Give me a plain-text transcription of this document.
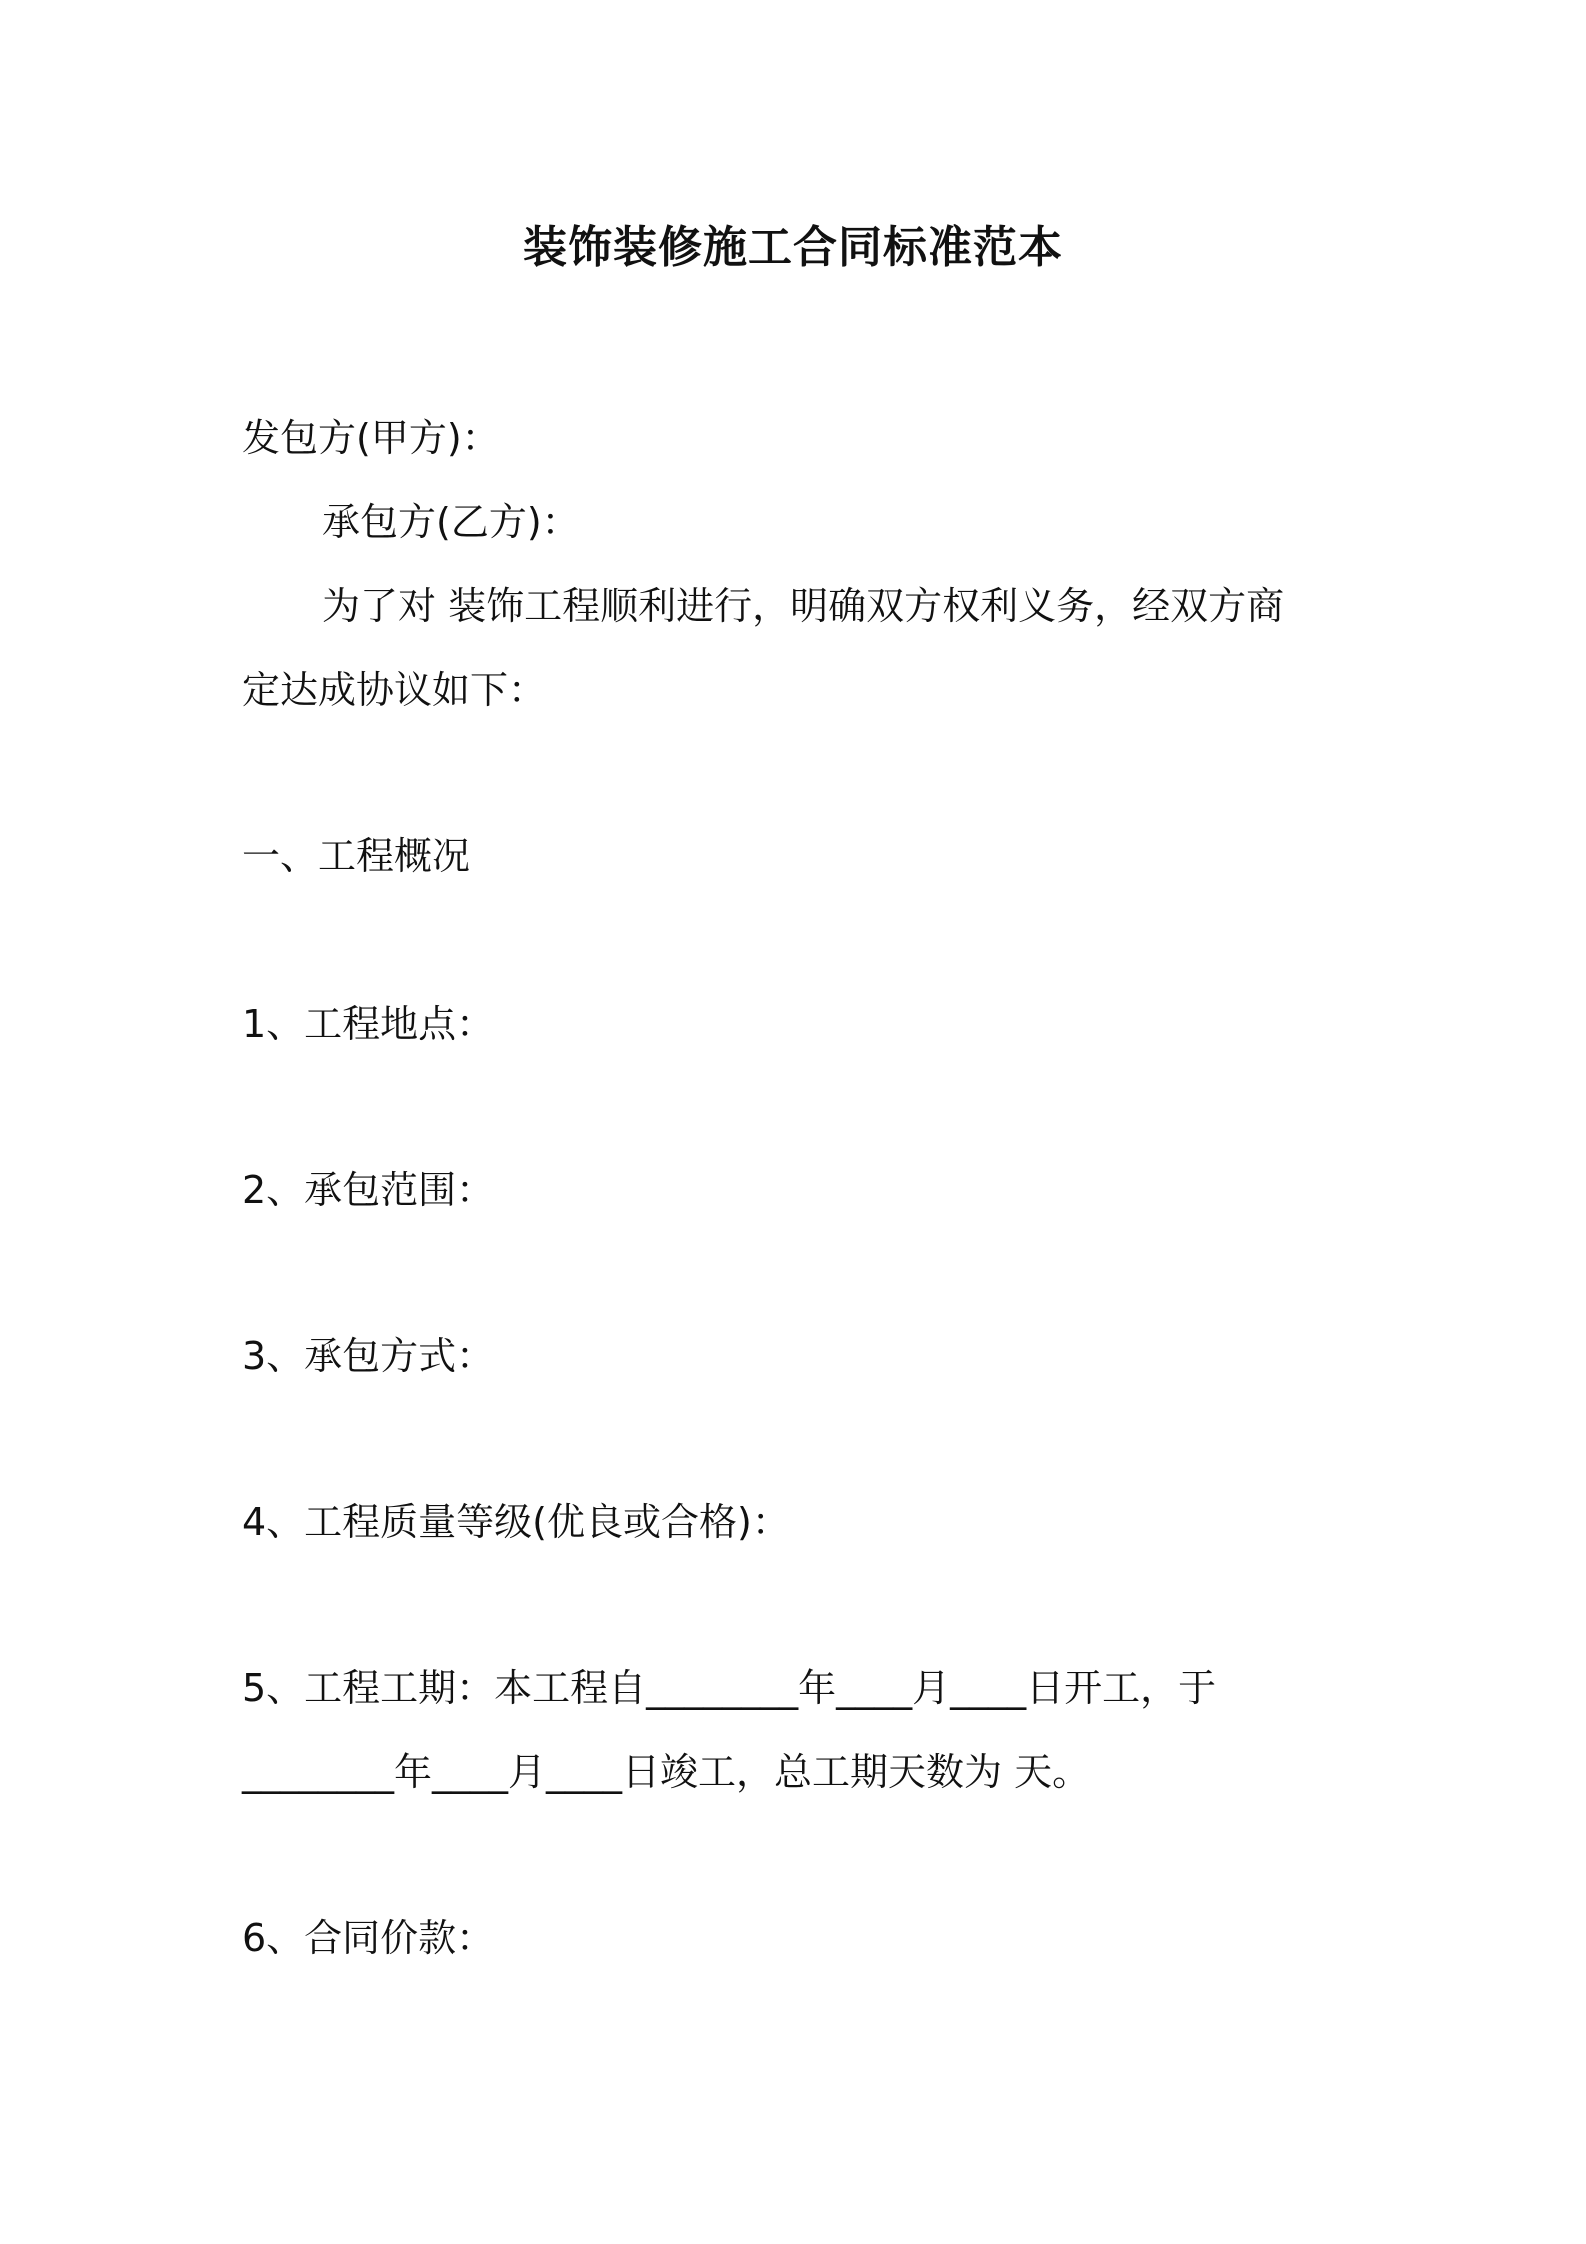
装饰装修施工合同标准范本
发包方(甲方)：
承包方(乙方)：
为了对 装饰工程顺利进行，明确双方权利义务，经双方商
定达成协议如下：
一、工程概况
1、工程地点：
2、承包范围：
3、承包方式：
4、工程质量等级(优良或合格)：
5、工程工期：本工程自________年____月____日开工，于
________年____月____日竣工，总工期天数为 天。
6、合同价款：
